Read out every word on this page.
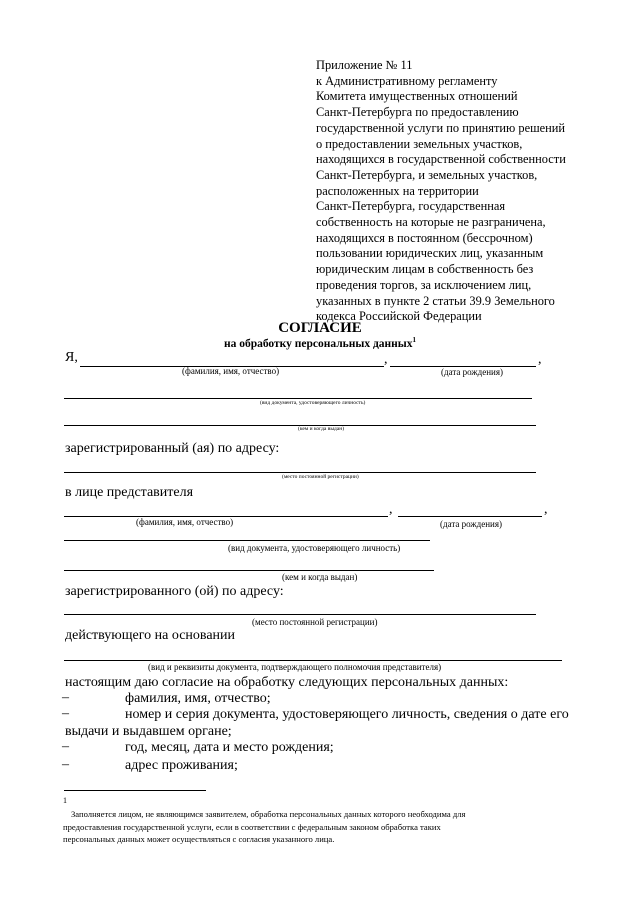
Приложение № 11
к Административному регламенту
Комитета имущественных отношений
Санкт-Петербурга по предоставлению
государственной услуги по принятию решений
о предоставлении земельных участков,
находящихся в государственной собственности
Санкт-Петербурга, и земельных участков,
расположенных на территории
Санкт-Петербурга, государственная
собственность на которые не разграничена,
находящихся в постоянном (бессрочном)
пользовании юридических лиц, указанным
юридическим лицам в собственность без
проведения торгов, за исключением лиц,
указанных в пункте 2 статьи 39.9 Земельного
кодекса Российской Федерации
СОГЛАСИЕ
на обработку персональных данных$^1$
Я,	,	,
(фамилия, имя, отчество)	(дата рождения)
(вид документа, удостоверяющего личность)
(кем и когда выдан)
зарегистрированный (ая) по адресу:
(место постоянной регистрации)
в лице представителя
,	,
(фамилия, имя, отчество)	(дата рождения)
(вид документа, удостоверяющего личность)
(кем и когда выдан)
зарегистрированного (ой) по адресу:
(место постоянной регистрации)
действующего на основании
(вид и реквизиты документа, подтверждающего полномочия представителя)
настоящим даю согласие на обработку следующих персональных данных:
–	фамилия, имя, отчество;
–	номер и серия документа, удостоверяющего личность, сведения о дате его
выдачи и выдавшем органе;
–	год, месяц, дата и место рождения;
–	адрес проживания;
1
Заполняется лицом, не являющимся заявителем, обработка персональных данных которого необходима для
предоставления государственной услуги, если в соответствии с федеральным законом обработка таких
персональных данных может осуществляться с согласия указанного лица.
